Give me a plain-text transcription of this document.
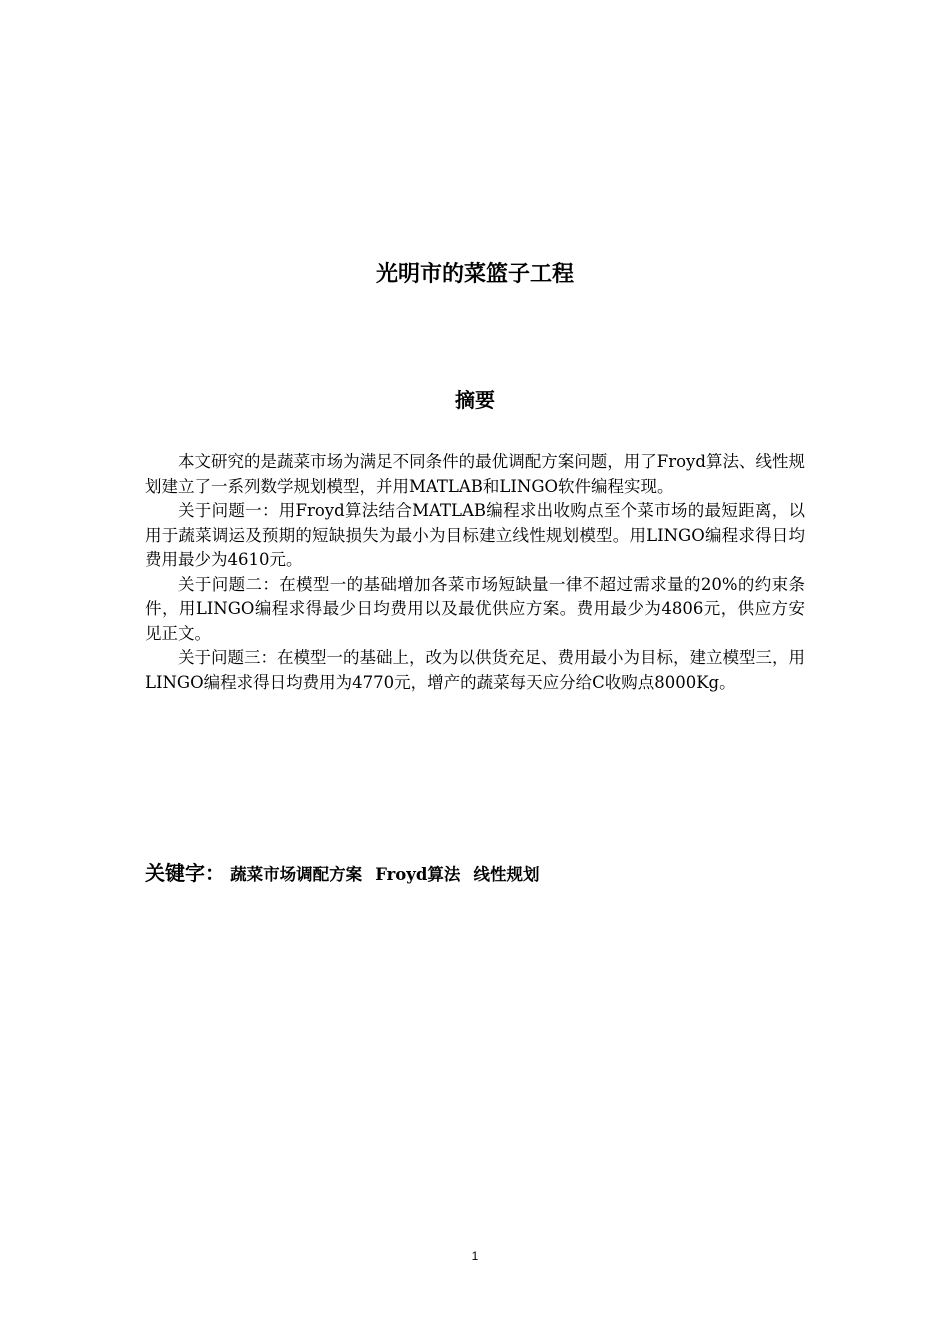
光明市的菜篮子工程
摘要

本文研究的是蔬菜市场为满足不同条件的最优调配方案问题，用了Froyd算法、线性规划建立了一系列数学规划模型，并用MATLAB和LINGO软件编程实现。

关于问题一：用Froyd算法结合MATLAB编程求出收购点至个菜市场的最短距离，以用于蔬菜调运及预期的短缺损失为最小为目标建立线性规划模型。用LINGO编程求得日均费用最少为4610元。

关于问题二：在模型一的基础增加各菜市场短缺量一律不超过需求量的20%的约束条件，用LINGO编程求得最少日均费用以及最优供应方案。费用最少为4806元，供应方安见正文。

关于问题三：在模型一的基础上，改为以供货充足、费用最小为目标，建立模型三，用LINGO编程求得日均费用为4770元，增产的蔬菜每天应分给C收购点8000Kg。

关键字： 蔬菜市场调配方案 Froyd算法 线性规划
1
